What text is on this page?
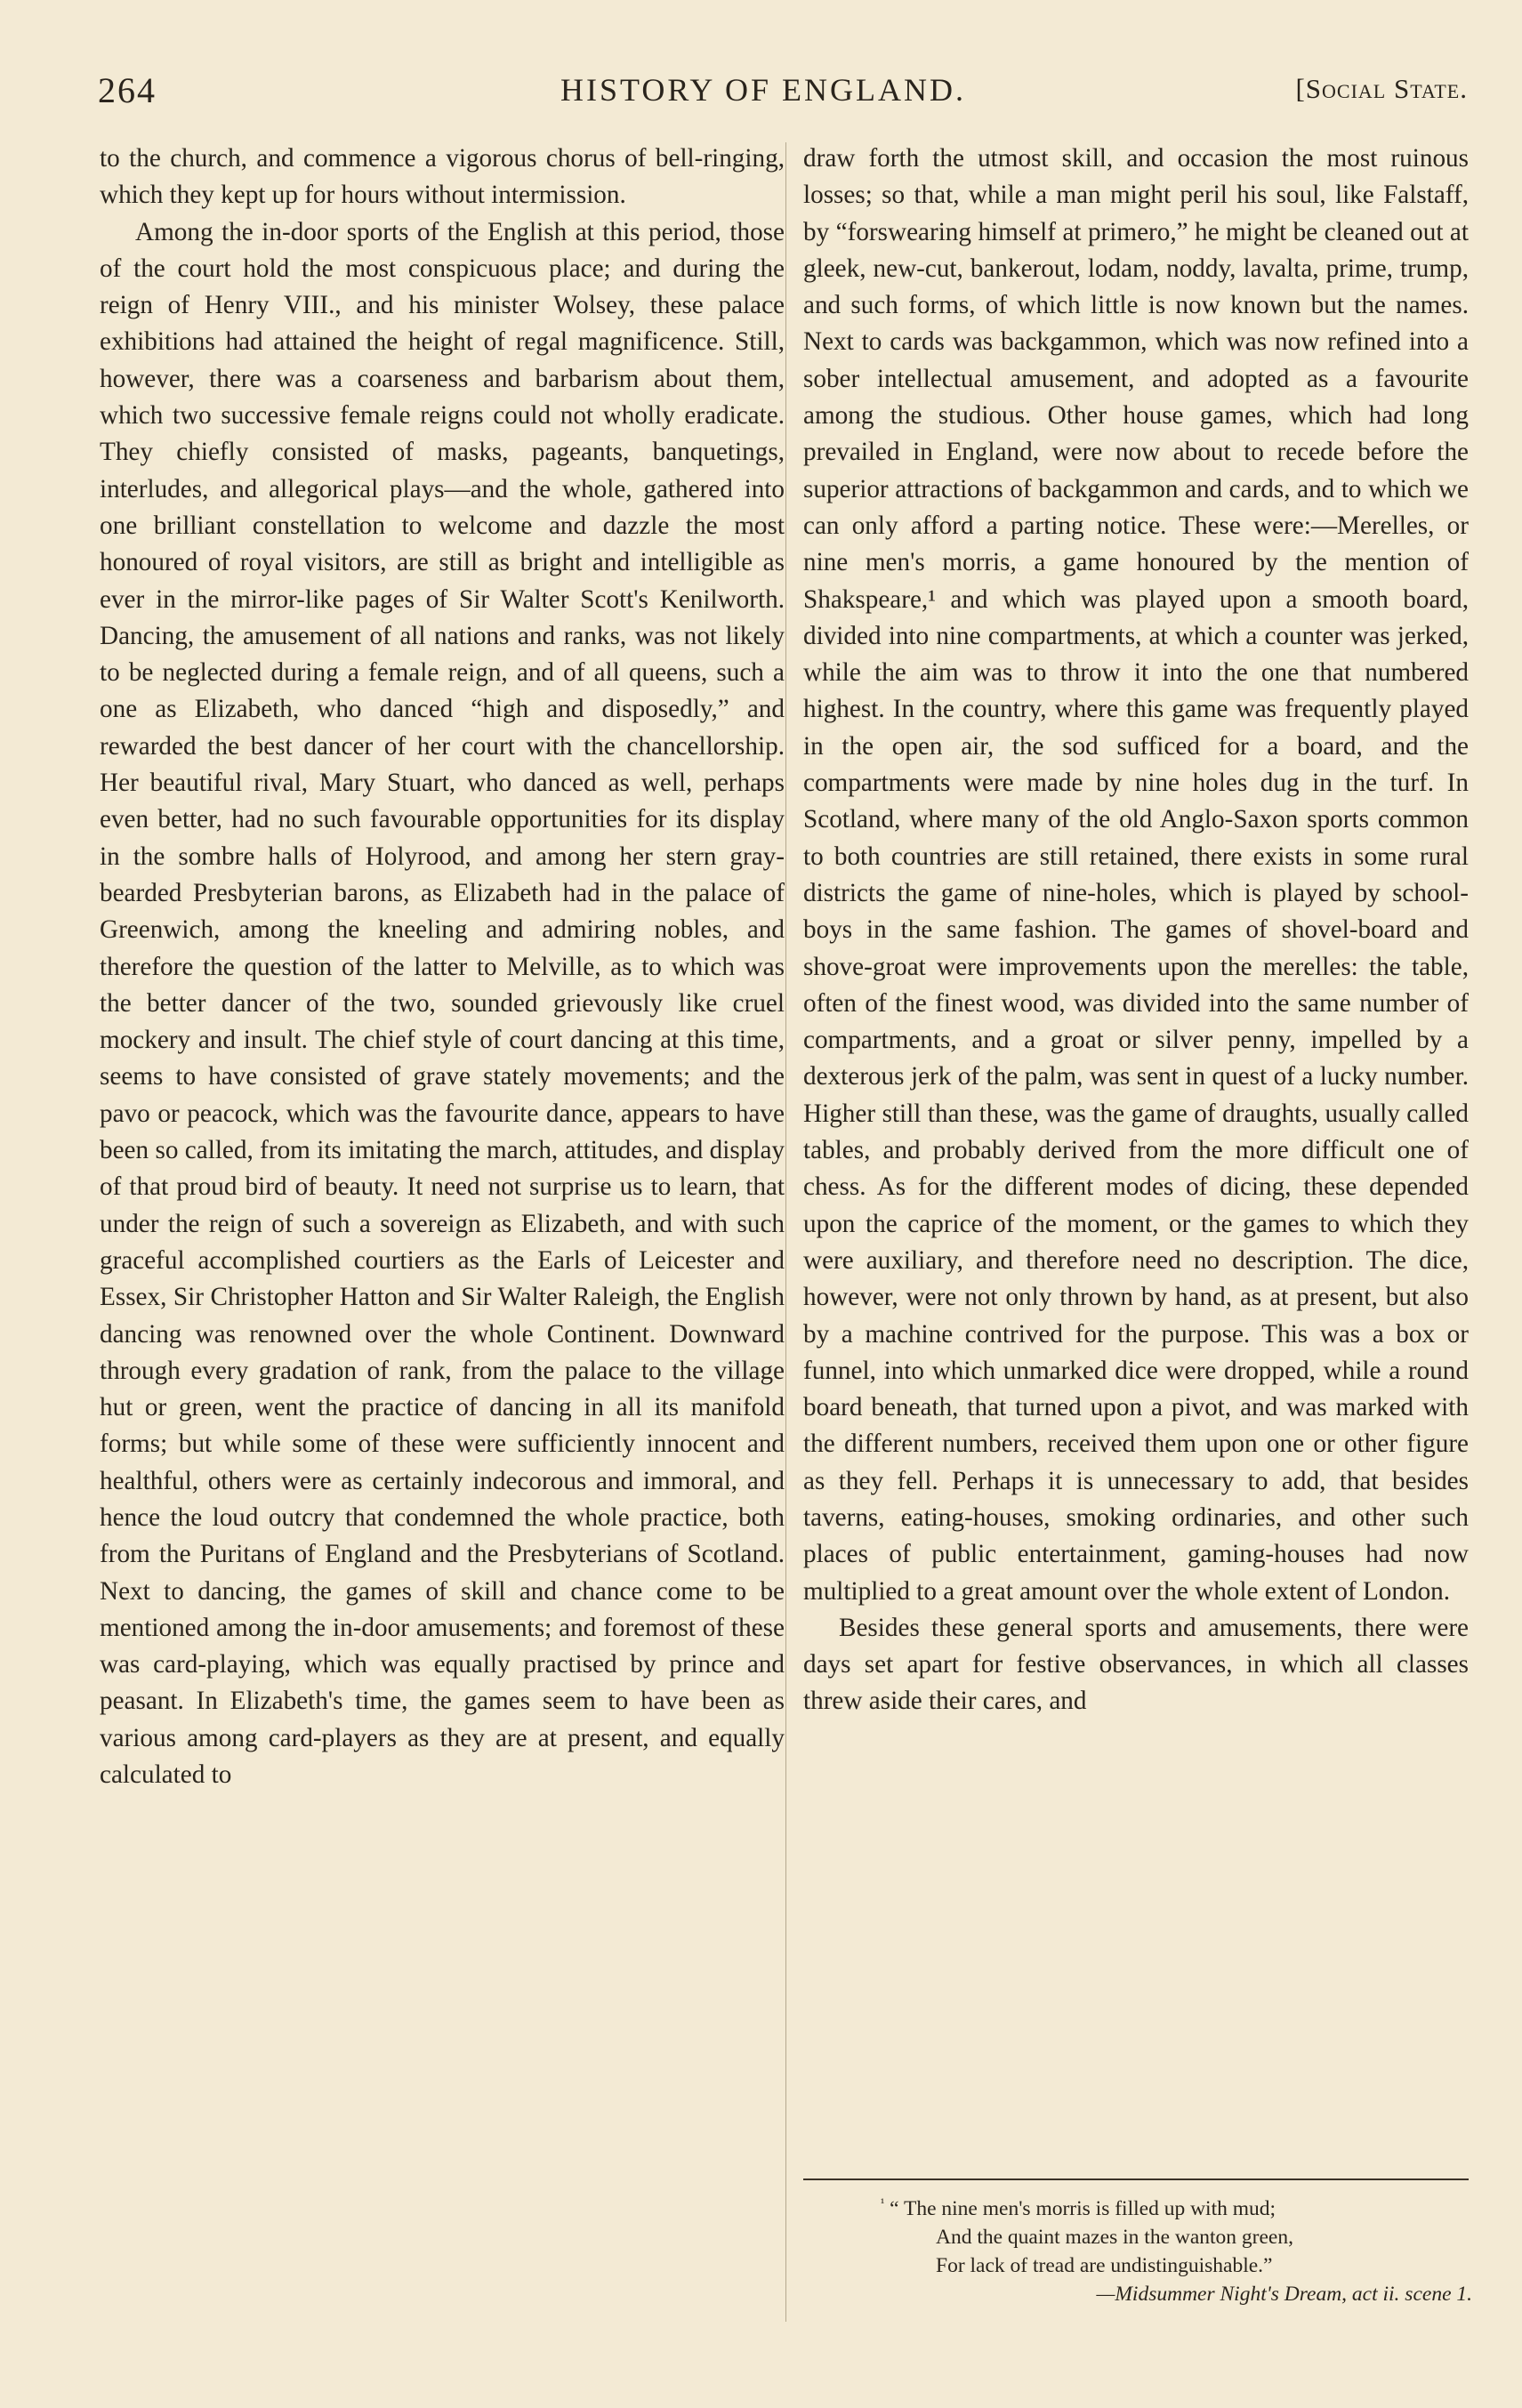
264	HISTORY OF ENGLAND.	[Social State.

to the church, and commence a vigorous chorus of bell-ringing, which they kept up for hours without intermission.

Among the in-door sports of the English at this period, those of the court hold the most conspicuous place; and during the reign of Henry VIII., and his minister Wolsey, these palace exhibitions had attained the height of regal magnificence. Still, however, there was a coarseness and barbarism about them, which two successive female reigns could not wholly eradicate. They chiefly consisted of masks, pageants, banquetings, interludes, and allegorical plays—and the whole, gathered into one brilliant constellation to welcome and dazzle the most honoured of royal visitors, are still as bright and intelligible as ever in the mirror-like pages of Sir Walter Scott's Kenilworth. Dancing, the amusement of all nations and ranks, was not likely to be neglected during a female reign, and of all queens, such a one as Elizabeth, who danced “high and disposedly,” and rewarded the best dancer of her court with the chancellorship. Her beautiful rival, Mary Stuart, who danced as well, perhaps even better, had no such favourable opportunities for its display in the sombre halls of Holyrood, and among her stern gray-bearded Presbyterian barons, as Elizabeth had in the palace of Greenwich, among the kneeling and admiring nobles, and therefore the question of the latter to Melville, as to which was the better dancer of the two, sounded grievously like cruel mockery and insult. The chief style of court dancing at this time, seems to have consisted of grave stately movements; and the pavo or peacock, which was the favourite dance, appears to have been so called, from its imitating the march, attitudes, and display of that proud bird of beauty. It need not surprise us to learn, that under the reign of such a sovereign as Elizabeth, and with such graceful accomplished courtiers as the Earls of Leicester and Essex, Sir Christopher Hatton and Sir Walter Raleigh, the English dancing was renowned over the whole Continent. Downward through every gradation of rank, from the palace to the village hut or green, went the practice of dancing in all its manifold forms; but while some of these were sufficiently innocent and healthful, others were as certainly indecorous and immoral, and hence the loud outcry that condemned the whole practice, both from the Puritans of England and the Presbyterians of Scotland. Next to dancing, the games of skill and chance come to be mentioned among the in-door amusements; and foremost of these was card-playing, which was equally practised by prince and peasant. In Elizabeth's time, the games seem to have been as various among card-players as they are at present, and equally calculated to

draw forth the utmost skill, and occasion the most ruinous losses; so that, while a man might peril his soul, like Falstaff, by “forswearing himself at primero,” he might be cleaned out at gleek, new-cut, bankerout, lodam, noddy, lavalta, prime, trump, and such forms, of which little is now known but the names. Next to cards was backgammon, which was now refined into a sober intellectual amusement, and adopted as a favourite among the studious. Other house games, which had long prevailed in England, were now about to recede before the superior attractions of backgammon and cards, and to which we can only afford a parting notice. These were:—Merelles, or nine men's morris, a game honoured by the mention of Shakspeare,¹ and which was played upon a smooth board, divided into nine compartments, at which a counter was jerked, while the aim was to throw it into the one that numbered highest. In the country, where this game was frequently played in the open air, the sod sufficed for a board, and the compartments were made by nine holes dug in the turf. In Scotland, where many of the old Anglo-Saxon sports common to both countries are still retained, there exists in some rural districts the game of nine-holes, which is played by school-boys in the same fashion. The games of shovel-board and shove-groat were improvements upon the merelles: the table, often of the finest wood, was divided into the same number of compartments, and a groat or silver penny, impelled by a dexterous jerk of the palm, was sent in quest of a lucky number. Higher still than these, was the game of draughts, usually called tables, and probably derived from the more difficult one of chess. As for the different modes of dicing, these depended upon the caprice of the moment, or the games to which they were auxiliary, and therefore need no description. The dice, however, were not only thrown by hand, as at present, but also by a machine contrived for the purpose. This was a box or funnel, into which unmarked dice were dropped, while a round board beneath, that turned upon a pivot, and was marked with the different numbers, received them upon one or other figure as they fell. Perhaps it is unnecessary to add, that besides taverns, eating-houses, smoking ordinaries, and other such places of public entertainment, gaming-houses had now multiplied to a great amount over the whole extent of London.

Besides these general sports and amusements, there were days set apart for festive observances, in which all classes threw aside their cares, and

$^{^1}$ “ The nine men's morris is filled up with mud;
And the quaint mazes in the wanton green,
For lack of tread are undistinguishable.”
—Midsummer Night's Dream, act ii. scene 1.
